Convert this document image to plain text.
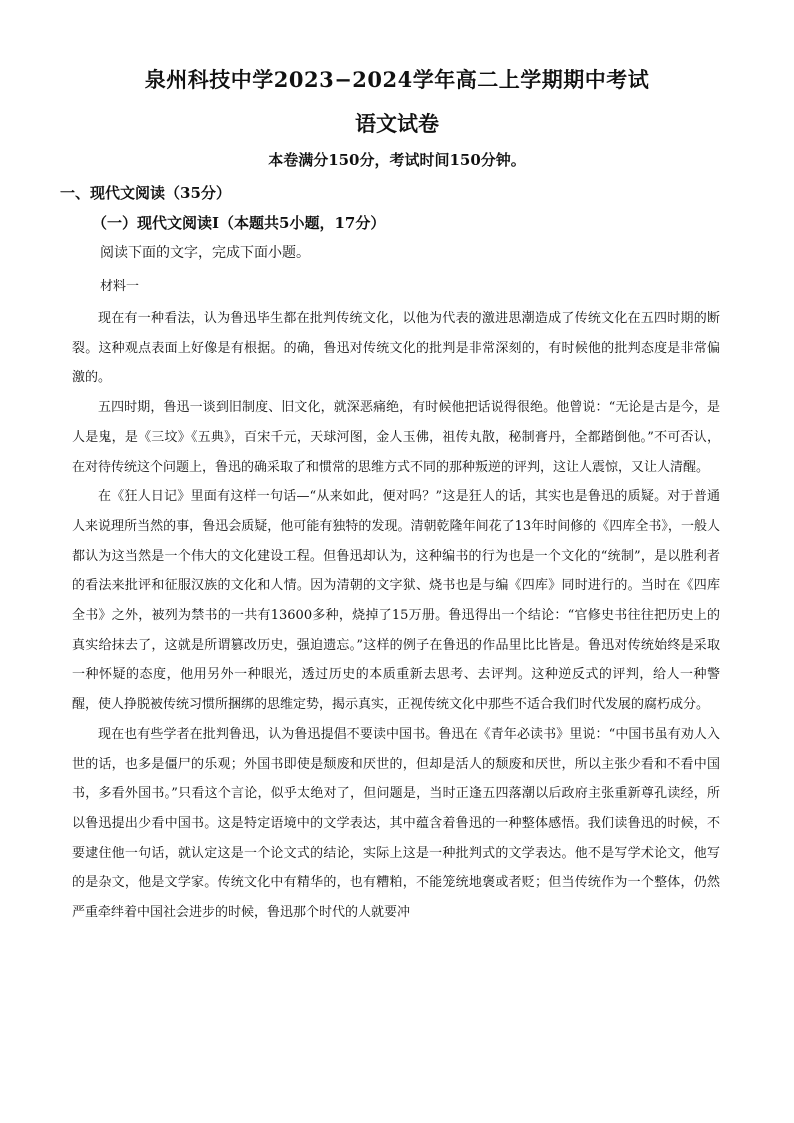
泉州科技中学2023−2024学年高二上学期期中考试
语文试卷
本卷满分150分，考试时间150分钟。
一、现代文阅读（35分）
（一）现代文阅读Ⅰ（本题共5小题，17分）
阅读下面的文字，完成下面小题。
材料一

现在有一种看法，认为鲁迅毕生都在批判传统文化，以他为代表的激进思潮造成了传统文化在五四时期的断裂。这种观点表面上好像是有根据。的确，鲁迅对传统文化的批判是非常深刻的，有时候他的批判态度是非常偏激的。

五四时期，鲁迅一谈到旧制度、旧文化，就深恶痛绝，有时候他把话说得很绝。他曾说：“无论是古是今，是人是鬼，是《三坟》《五典》，百宋千元，天球河图，金人玉佛，祖传丸散，秘制膏丹，全都踏倒他。”不可否认，在对待传统这个问题上，鲁迅的确采取了和惯常的思维方式不同的那种叛逆的评判，这让人震惊，又让人清醒。

在《狂人日记》里面有这样一句话—“从来如此，便对吗？”这是狂人的话，其实也是鲁迅的质疑。对于普通人来说理所当然的事，鲁迅会质疑，他可能有独特的发现。清朝乾隆年间花了13年时间修的《四库全书》，一般人都认为这当然是一个伟大的文化建设工程。但鲁迅却认为，这种编书的行为也是一个文化的“统制”，是以胜利者的看法来批评和征服汉族的文化和人情。因为清朝的文字狱、烧书也是与编《四库》同时进行的。当时在《四库全书》之外，被列为禁书的一共有13600多种，烧掉了15万册。鲁迅得出一个结论：“官修史书往往把历史上的真实给抹去了，这就是所谓篡改历史，强迫遗忘。”这样的例子在鲁迅的作品里比比皆是。鲁迅对传统始终是采取一种怀疑的态度，他用另外一种眼光，透过历史的本质重新去思考、去评判。这种逆反式的评判，给人一种警醒，使人挣脱被传统习惯所捆绑的思维定势，揭示真实，正视传统文化中那些不适合我们时代发展的腐朽成分。

现在也有些学者在批判鲁迅，认为鲁迅提倡不要读中国书。鲁迅在《青年必读书》里说：“中国书虽有劝人入世的话，也多是僵尸的乐观；外国书即使是颓废和厌世的，但却是活人的颓废和厌世，所以主张少看和不看中国书，多看外国书。”只看这个言论，似乎太绝对了，但问题是，当时正逢五四落潮以后政府主张重新尊孔读经，所以鲁迅提出少看中国书。这是特定语境中的文学表达，其中蕴含着鲁迅的一种整体感悟。我们读鲁迅的时候，不要逮住他一句话，就认定这是一个论文式的结论，实际上这是一种批判式的文学表达。他不是写学术论文，他写的是杂文，他是文学家。传统文化中有精华的，也有糟粕，不能笼统地褒或者贬；但当传统作为一个整体，仍然严重牵绊着中国社会进步的时候，鲁迅那个时代的人就要冲
